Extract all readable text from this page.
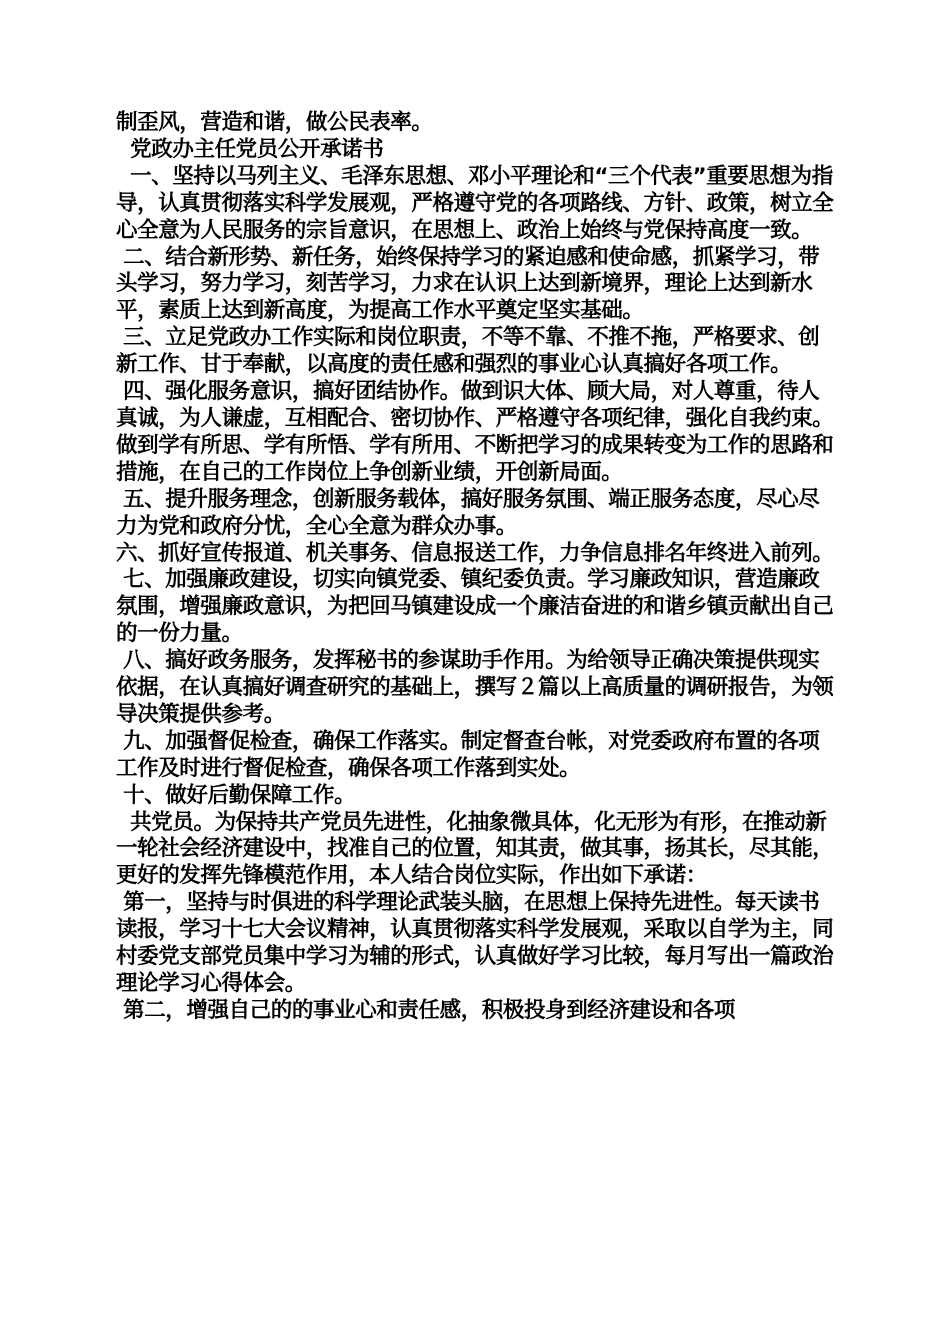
制歪风，营造和谐，做公民表率。

党政办主任党员公开承诺书

一、坚持以马列主义、毛泽东思想、邓小平理论和“三个代表”重要思想为指导，认真贯彻落实科学发展观，严格遵守党的各项路线、方针、政策，树立全心全意为人民服务的宗旨意识，在思想上、政治上始终与党保持高度一致。

二、结合新形势、新任务，始终保持学习的紧迫感和使命感，抓紧学习，带头学习，努力学习，刻苦学习，力求在认识上达到新境界，理论上达到新水平，素质上达到新高度，为提高工作水平奠定坚实基础。

三、立足党政办工作实际和岗位职责，不等不靠、不推不拖，严格要求、创新工作、甘于奉献，以高度的责任感和强烈的事业心认真搞好各项工作。

四、强化服务意识，搞好团结协作。做到识大体、顾大局，对人尊重，待人真诚，为人谦虚，互相配合、密切协作、严格遵守各项纪律，强化自我约束。做到学有所思、学有所悟、学有所用、不断把学习的成果转变为工作的思路和措施，在自己的工作岗位上争创新业绩，开创新局面。

五、提升服务理念，创新服务载体，搞好服务氛围、端正服务态度，尽心尽力为党和政府分忧，全心全意为群众办事。

六、抓好宣传报道、机关事务、信息报送工作，力争信息排名年终进入前列。

七、加强廉政建设，切实向镇党委、镇纪委负责。学习廉政知识，营造廉政氛围，增强廉政意识，为把回马镇建设成一个廉洁奋进的和谐乡镇贡献出自己的一份力量。

八、搞好政务服务，发挥秘书的参谋助手作用。为给领导正确决策提供现实依据，在认真搞好调查研究的基础上，撰写２篇以上高质量的调研报告，为领导决策提供参考。

九、加强督促检查，确保工作落实。制定督查台帐，对党委政府布置的各项工作及时进行督促检查，确保各项工作落到实处。

十、做好后勤保障工作。

共党员。为保持共产党员先进性，化抽象微具体，化无形为有形，在推动新一轮社会经济建设中，找准自己的位置，知其责，做其事，扬其长，尽其能，更好的发挥先锋模范作用，本人结合岗位实际，作出如下承诺：

第一，坚持与时俱进的科学理论武装头脑，在思想上保持先进性。每天读书读报，学习十七大会议精神，认真贯彻落实科学发展观，采取以自学为主，同村委党支部党员集中学习为辅的形式，认真做好学习比较，每月写出一篇政治理论学习心得体会。

第二，增强自己的的事业心和责任感，积极投身到经济建设和各项
